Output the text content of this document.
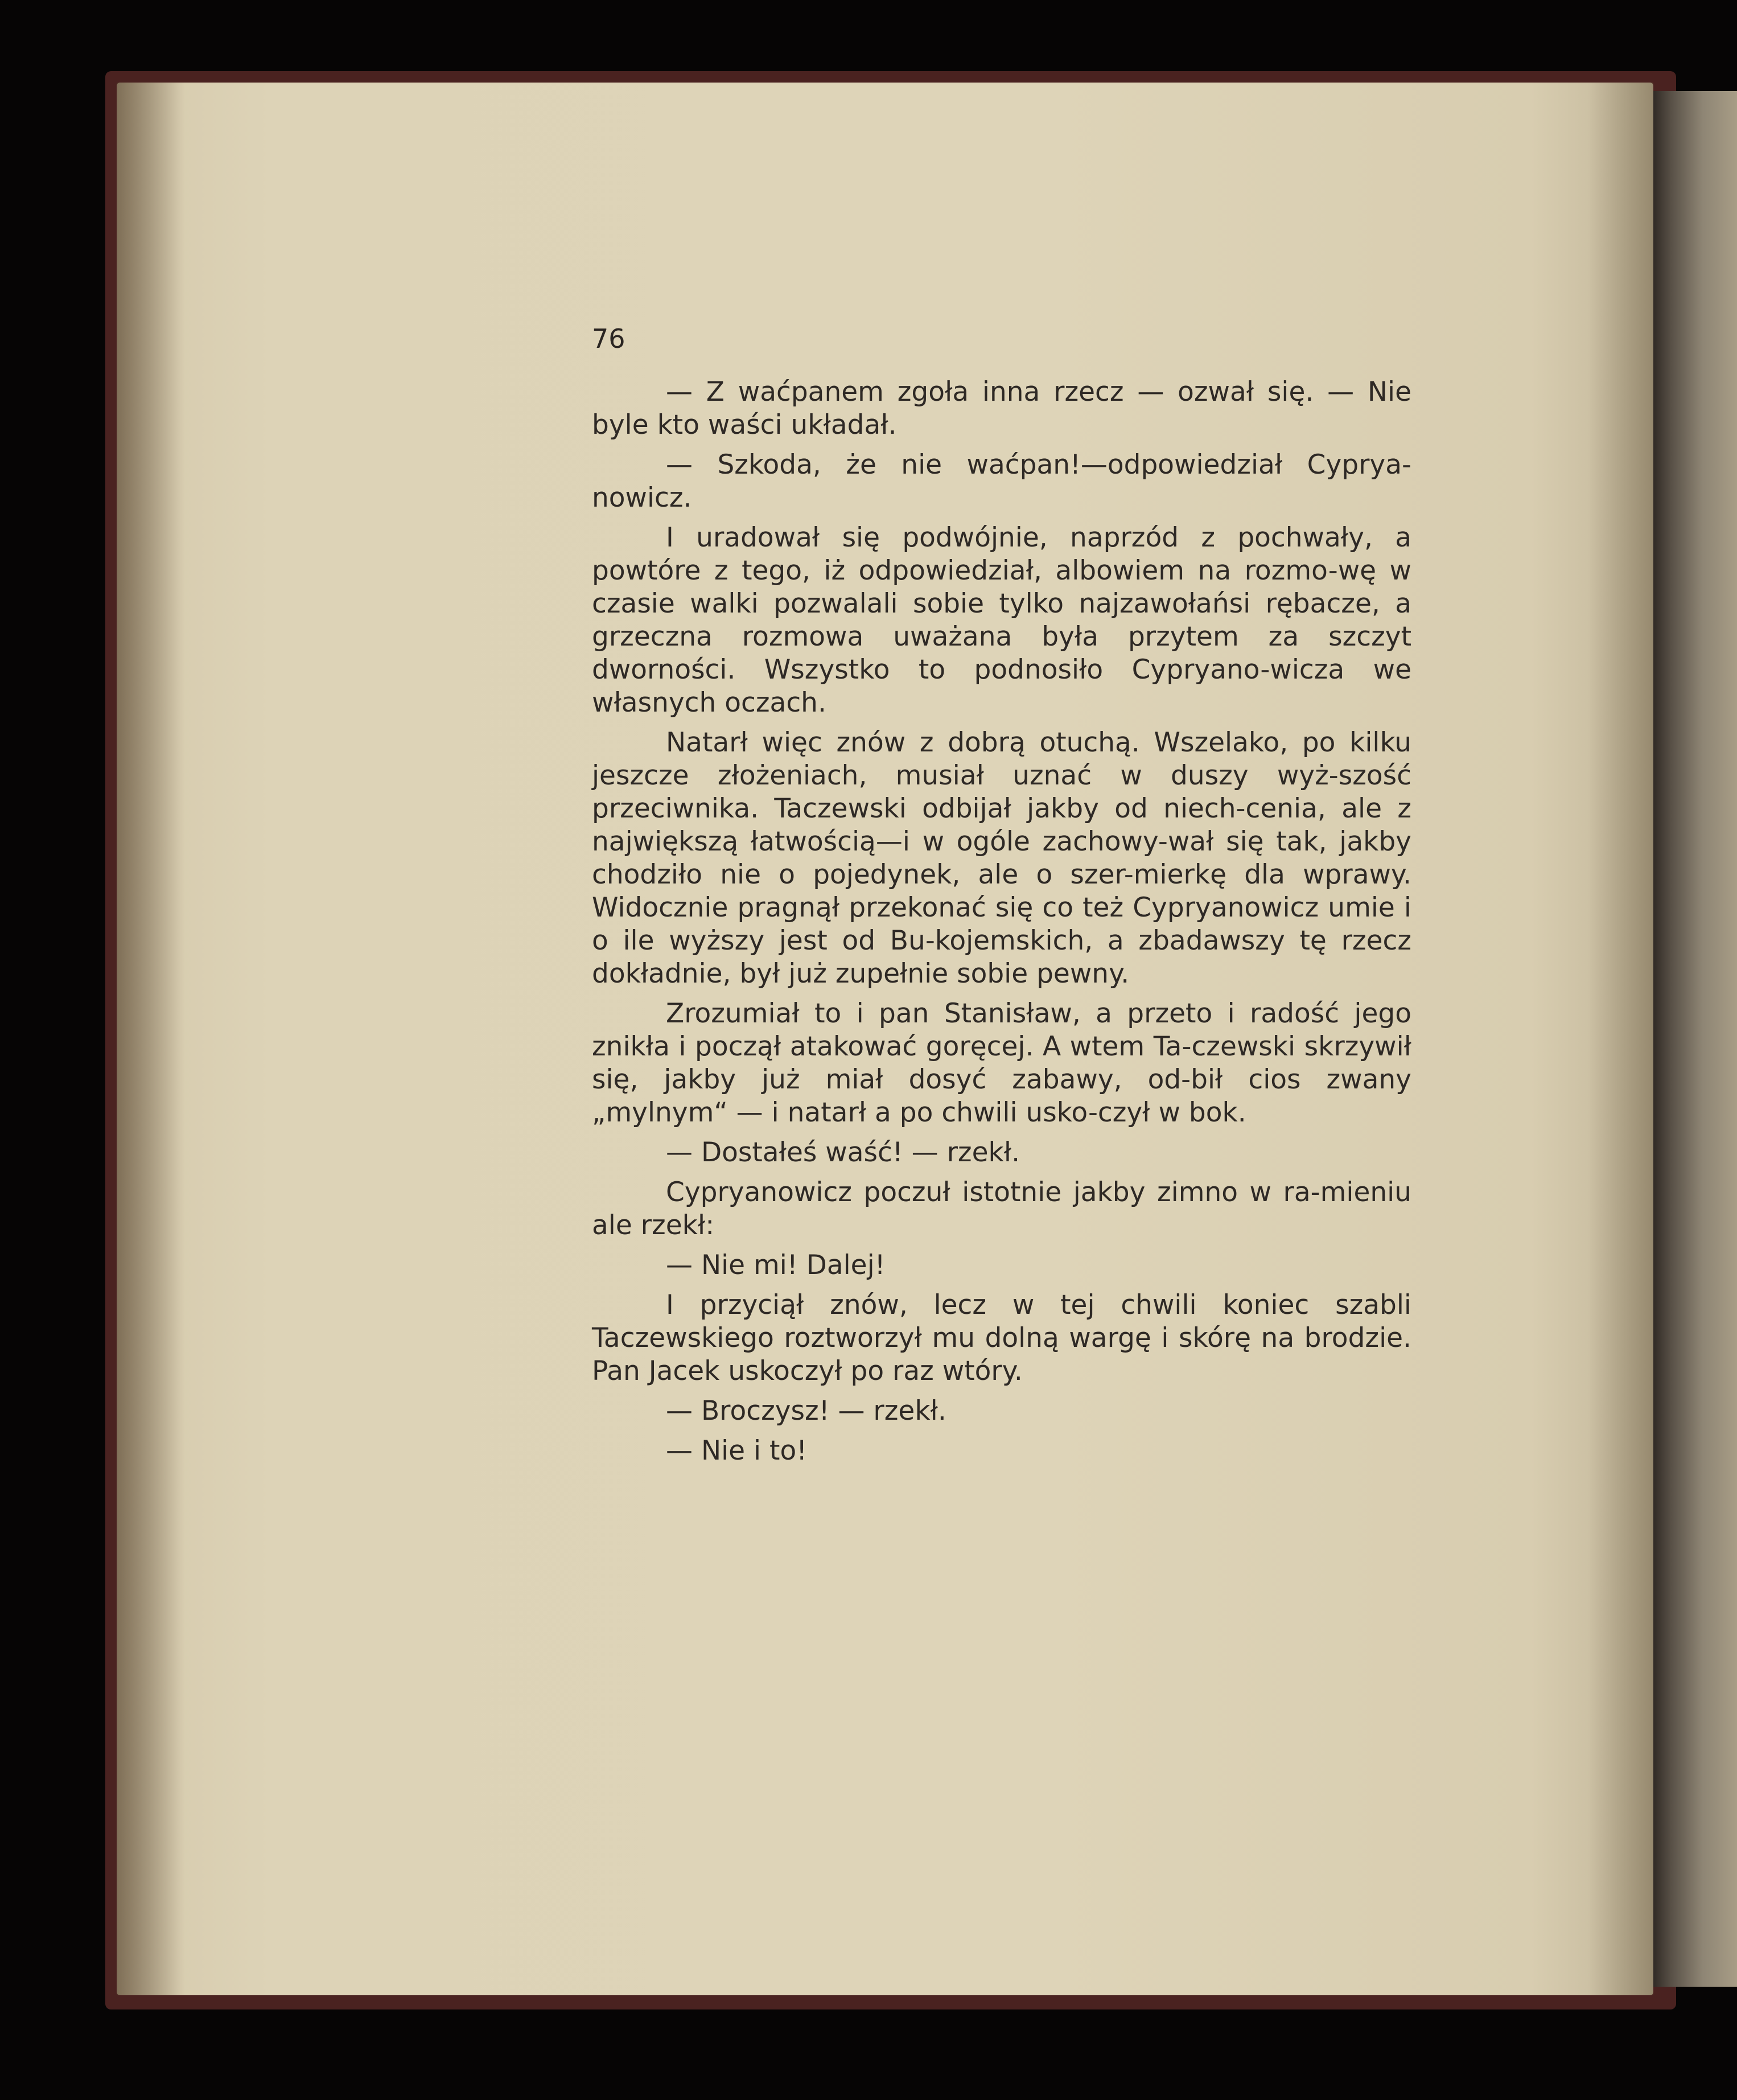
76

— Z waćpanem zgoła inna rzecz — ozwał się. — Nie byle kto waści układał.

— Szkoda, że nie waćpan!—odpowiedział Cyprya-nowicz.

I uradował się podwójnie, naprzód z pochwały, a powtóre z tego, iż odpowiedział, albowiem na rozmo-wę w czasie walki pozwalali sobie tylko najzawołańsi rębacze, a grzeczna rozmowa uważana była przytem za szczyt dworności. Wszystko to podnosiło Cypryano-wicza we własnych oczach.

Natarł więc znów z dobrą otuchą. Wszelako, po kilku jeszcze złożeniach, musiał uznać w duszy wyż-szość przeciwnika. Taczewski odbijał jakby od niech-cenia, ale z największą łatwością—i w ogóle zachowy-wał się tak, jakby chodziło nie o pojedynek, ale o szer-mierkę dla wprawy. Widocznie pragnął przekonać się co też Cypryanowicz umie i o ile wyższy jest od Bu-kojemskich, a zbadawszy tę rzecz dokładnie, był już zupełnie sobie pewny.

Zrozumiał to i pan Stanisław, a przeto i radość jego znikła i począł atakować goręcej. A wtem Ta-czewski skrzywił się, jakby już miał dosyć zabawy, od-bił cios zwany „mylnym“ — i natarł a po chwili usko-czył w bok.

— Dostałeś waść! — rzekł.

Cypryanowicz poczuł istotnie jakby zimno w ra-mieniu ale rzekł:

— Nie mi! Dalej!

I przyciął znów, lecz w tej chwili koniec szabli Taczewskiego roztworzył mu dolną wargę i skórę na brodzie. Pan Jacek uskoczył po raz wtóry.

— Broczysz! — rzekł.

— Nie i to!
